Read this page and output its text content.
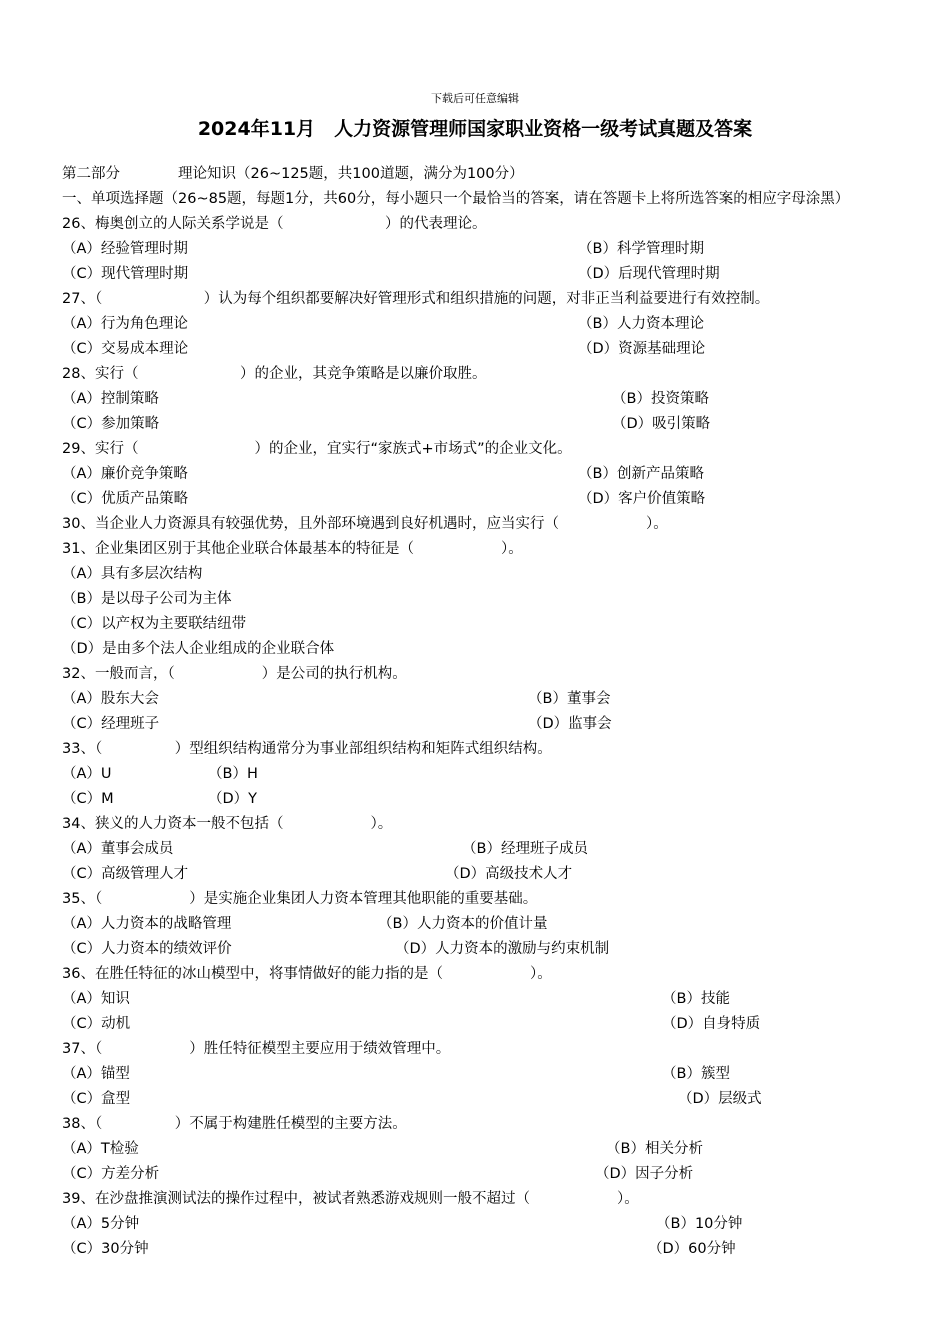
下载后可任意编辑
2024年11月　人力资源管理师国家职业资格一级考试真题及答案
第二部分	理论知识（26~125题，共100道题，满分为100分）
一、单项选择题（26~85题，每题1分，共60分，每小题只一个最恰当的答案，请在答题卡上将所选答案的相应字母涂黑）
26、梅奥创立的人际关系学说是（　　　　　　　）的代表理论。
（A）经验管理时期	（B）科学管理时期
（C）现代管理时期	（D）后现代管理时期
27、（　　　　　　　）认为每个组织都要解决好管理形式和组织措施的问题，对非正当利益要进行有效控制。
（A）行为角色理论	（B）人力资本理论
（C）交易成本理论	（D）资源基础理论
28、实行（　　　　　　　）的企业，其竞争策略是以廉价取胜。
（A）控制策略	（B）投资策略
（C）参加策略	（D）吸引策略
29、实行（　　　　　　　　）的企业，宜实行“家族式+市场式”的企业文化。
（A）廉价竞争策略	（B）创新产品策略
（C）优质产品策略	（D）客户价值策略
30、当企业人力资源具有较强优势，且外部环境遇到良好机遇时，应当实行（　　　　　　）。
31、企业集团区别于其他企业联合体最基本的特征是（　　　　　　）。
（A）具有多层次结构
（B）是以母子公司为主体
（C）以产权为主要联结纽带
（D）是由多个法人企业组成的企业联合体
32、一般而言，（　　　　　　）是公司的执行机构。
（A）股东大会	（B）董事会
（C）经理班子	（D）监事会
33、（　　　　　）型组织结构通常分为事业部组织结构和矩阵式组织结构。
（A）U	（B）H
（C）M	（D）Y
34、狭义的人力资本一般不包括（　　　　　　）。
（A）董事会成员	（B）经理班子成员
（C）高级管理人才	（D）高级技术人才
35、（　　　　　　）是实施企业集团人力资本管理其他职能的重要基础。
（A）人力资本的战略管理	（B）人力资本的价值计量
（C）人力资本的绩效评价	（D）人力资本的激励与约束机制
36、在胜任特征的冰山模型中，将事情做好的能力指的是（　　　　　　）。
（A）知识	（B）技能
（C）动机	（D）自身特质
37、（　　　　　　）胜任特征模型主要应用于绩效管理中。
（A）锚型	（B）簇型
（C）盒型	（D）层级式
38、（　　　　　）不属于构建胜任模型的主要方法。
（A）T检验	（B）相关分析
（C）方差分析	（D）因子分析
39、在沙盘推演测试法的操作过程中，被试者熟悉游戏规则一般不超过（　　　　　　）。
（A）5分钟	（B）10分钟
（C）30分钟	（D）60分钟
